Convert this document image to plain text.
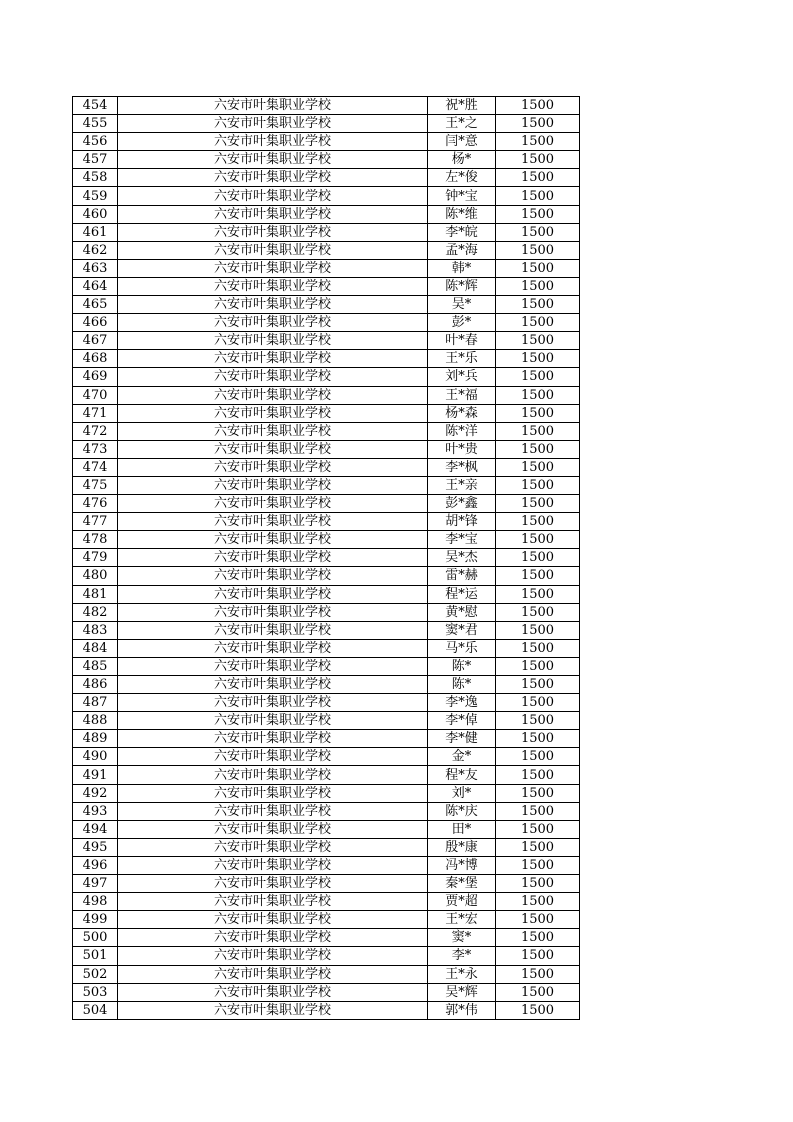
454	六安市叶集职业学校	祝*胜	1500
455	六安市叶集职业学校	王*之	1500
456	六安市叶集职业学校	闫*意	1500
457	六安市叶集职业学校	杨*	1500
458	六安市叶集职业学校	左*俊	1500
459	六安市叶集职业学校	钟*宝	1500
460	六安市叶集职业学校	陈*维	1500
461	六安市叶集职业学校	李*皖	1500
462	六安市叶集职业学校	孟*海	1500
463	六安市叶集职业学校	韩*	1500
464	六安市叶集职业学校	陈*辉	1500
465	六安市叶集职业学校	吴*	1500
466	六安市叶集职业学校	彭*	1500
467	六安市叶集职业学校	叶*春	1500
468	六安市叶集职业学校	王*乐	1500
469	六安市叶集职业学校	刘*兵	1500
470	六安市叶集职业学校	王*福	1500
471	六安市叶集职业学校	杨*森	1500
472	六安市叶集职业学校	陈*洋	1500
473	六安市叶集职业学校	叶*贵	1500
474	六安市叶集职业学校	李*枫	1500
475	六安市叶集职业学校	王*亲	1500
476	六安市叶集职业学校	彭*鑫	1500
477	六安市叶集职业学校	胡*锋	1500
478	六安市叶集职业学校	李*宝	1500
479	六安市叶集职业学校	吴*杰	1500
480	六安市叶集职业学校	雷*赫	1500
481	六安市叶集职业学校	程*运	1500
482	六安市叶集职业学校	黄*慰	1500
483	六安市叶集职业学校	窦*君	1500
484	六安市叶集职业学校	马*乐	1500
485	六安市叶集职业学校	陈*	1500
486	六安市叶集职业学校	陈*	1500
487	六安市叶集职业学校	李*逸	1500
488	六安市叶集职业学校	李*倬	1500
489	六安市叶集职业学校	李*健	1500
490	六安市叶集职业学校	金*	1500
491	六安市叶集职业学校	程*友	1500
492	六安市叶集职业学校	刘*	1500
493	六安市叶集职业学校	陈*庆	1500
494	六安市叶集职业学校	田*	1500
495	六安市叶集职业学校	殷*康	1500
496	六安市叶集职业学校	冯*博	1500
497	六安市叶集职业学校	秦*堡	1500
498	六安市叶集职业学校	贾*超	1500
499	六安市叶集职业学校	王*宏	1500
500	六安市叶集职业学校	窦*	1500
501	六安市叶集职业学校	李*	1500
502	六安市叶集职业学校	王*永	1500
503	六安市叶集职业学校	吴*辉	1500
504	六安市叶集职业学校	郭*伟	1500
